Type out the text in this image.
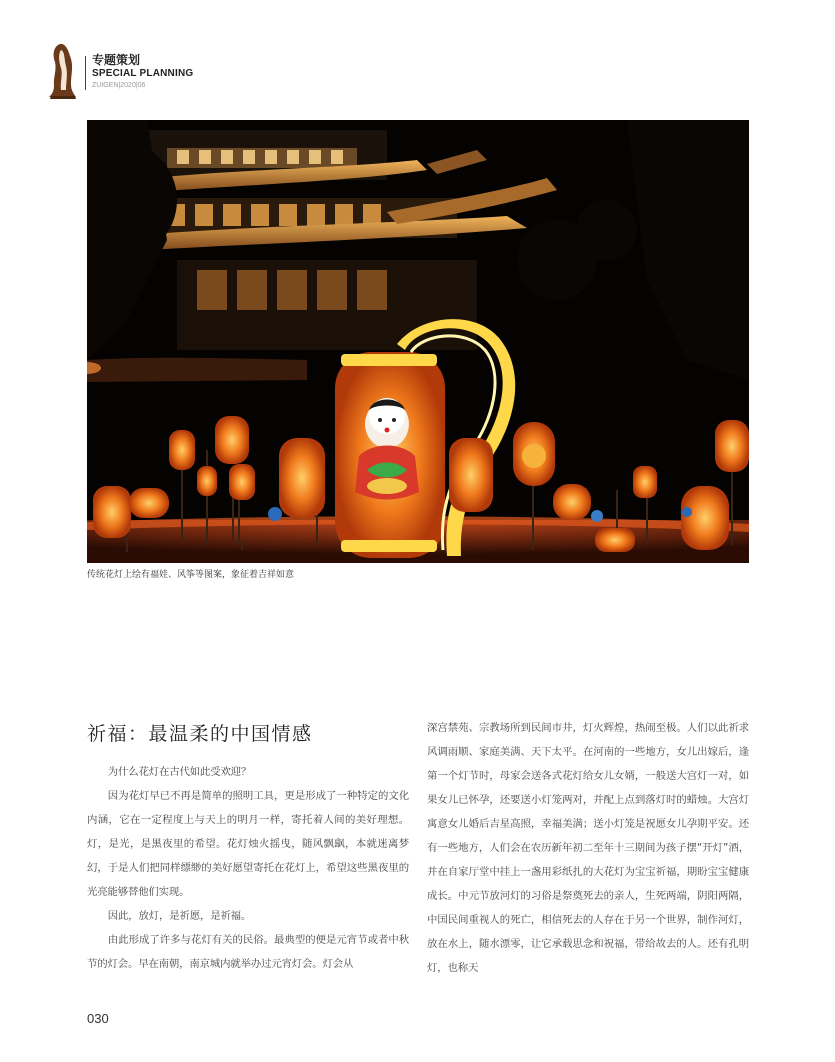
专题策划
SPECIAL PLANNING
ZUIGEN|2020|06
传统花灯上绘有福娃、风筝等图案，象征着吉祥如意
祈福：最温柔的中国情感

为什么花灯在古代如此受欢迎？

因为花灯早已不再是简单的照明工具，更是形成了一种特定的文化内涵，它在一定程度上与天上的明月一样，寄托着人间的美好理想。灯，是光，是黑夜里的希望。花灯烛火摇曳，随风飘飖，本就迷离梦幻，于是人们把同样缥缈的美好愿望寄托在花灯上，希望这些黑夜里的光亮能够替他们实现。

因此，放灯，是祈愿，是祈福。

由此形成了许多与花灯有关的民俗。最典型的便是元宵节或者中秋节的灯会。早在南朝，南京城内就举办过元宵灯会。灯会从

深宫禁苑、宗教场所到民间市井，灯火辉煌，热闹至极。人们以此祈求风调雨顺、家庭美满、天下太平。在河南的一些地方，女儿出嫁后，逢第一个灯节时，母家会送各式花灯给女儿女婿，一般送大宫灯一对，如果女儿已怀孕，还要送小灯笼两对，并配上点到落灯时的蜡烛。大宫灯寓意女儿婚后吉星高照，幸福美满；送小灯笼是祝愿女儿孕期平安。还有一些地方，人们会在农历新年初二至年十三期间为孩子摆“开灯”酒，并在自家厅堂中挂上一盏用彩纸扎的大花灯为宝宝祈福，期盼宝宝健康成长。中元节放河灯的习俗是祭奠死去的亲人，生死两端，阴阳两隔，中国民间重视人的死亡，相信死去的人存在于另一个世界，制作河灯，放在水上，随水漂零，让它承载思念和祝福，带给故去的人。还有孔明灯，也称天

030
